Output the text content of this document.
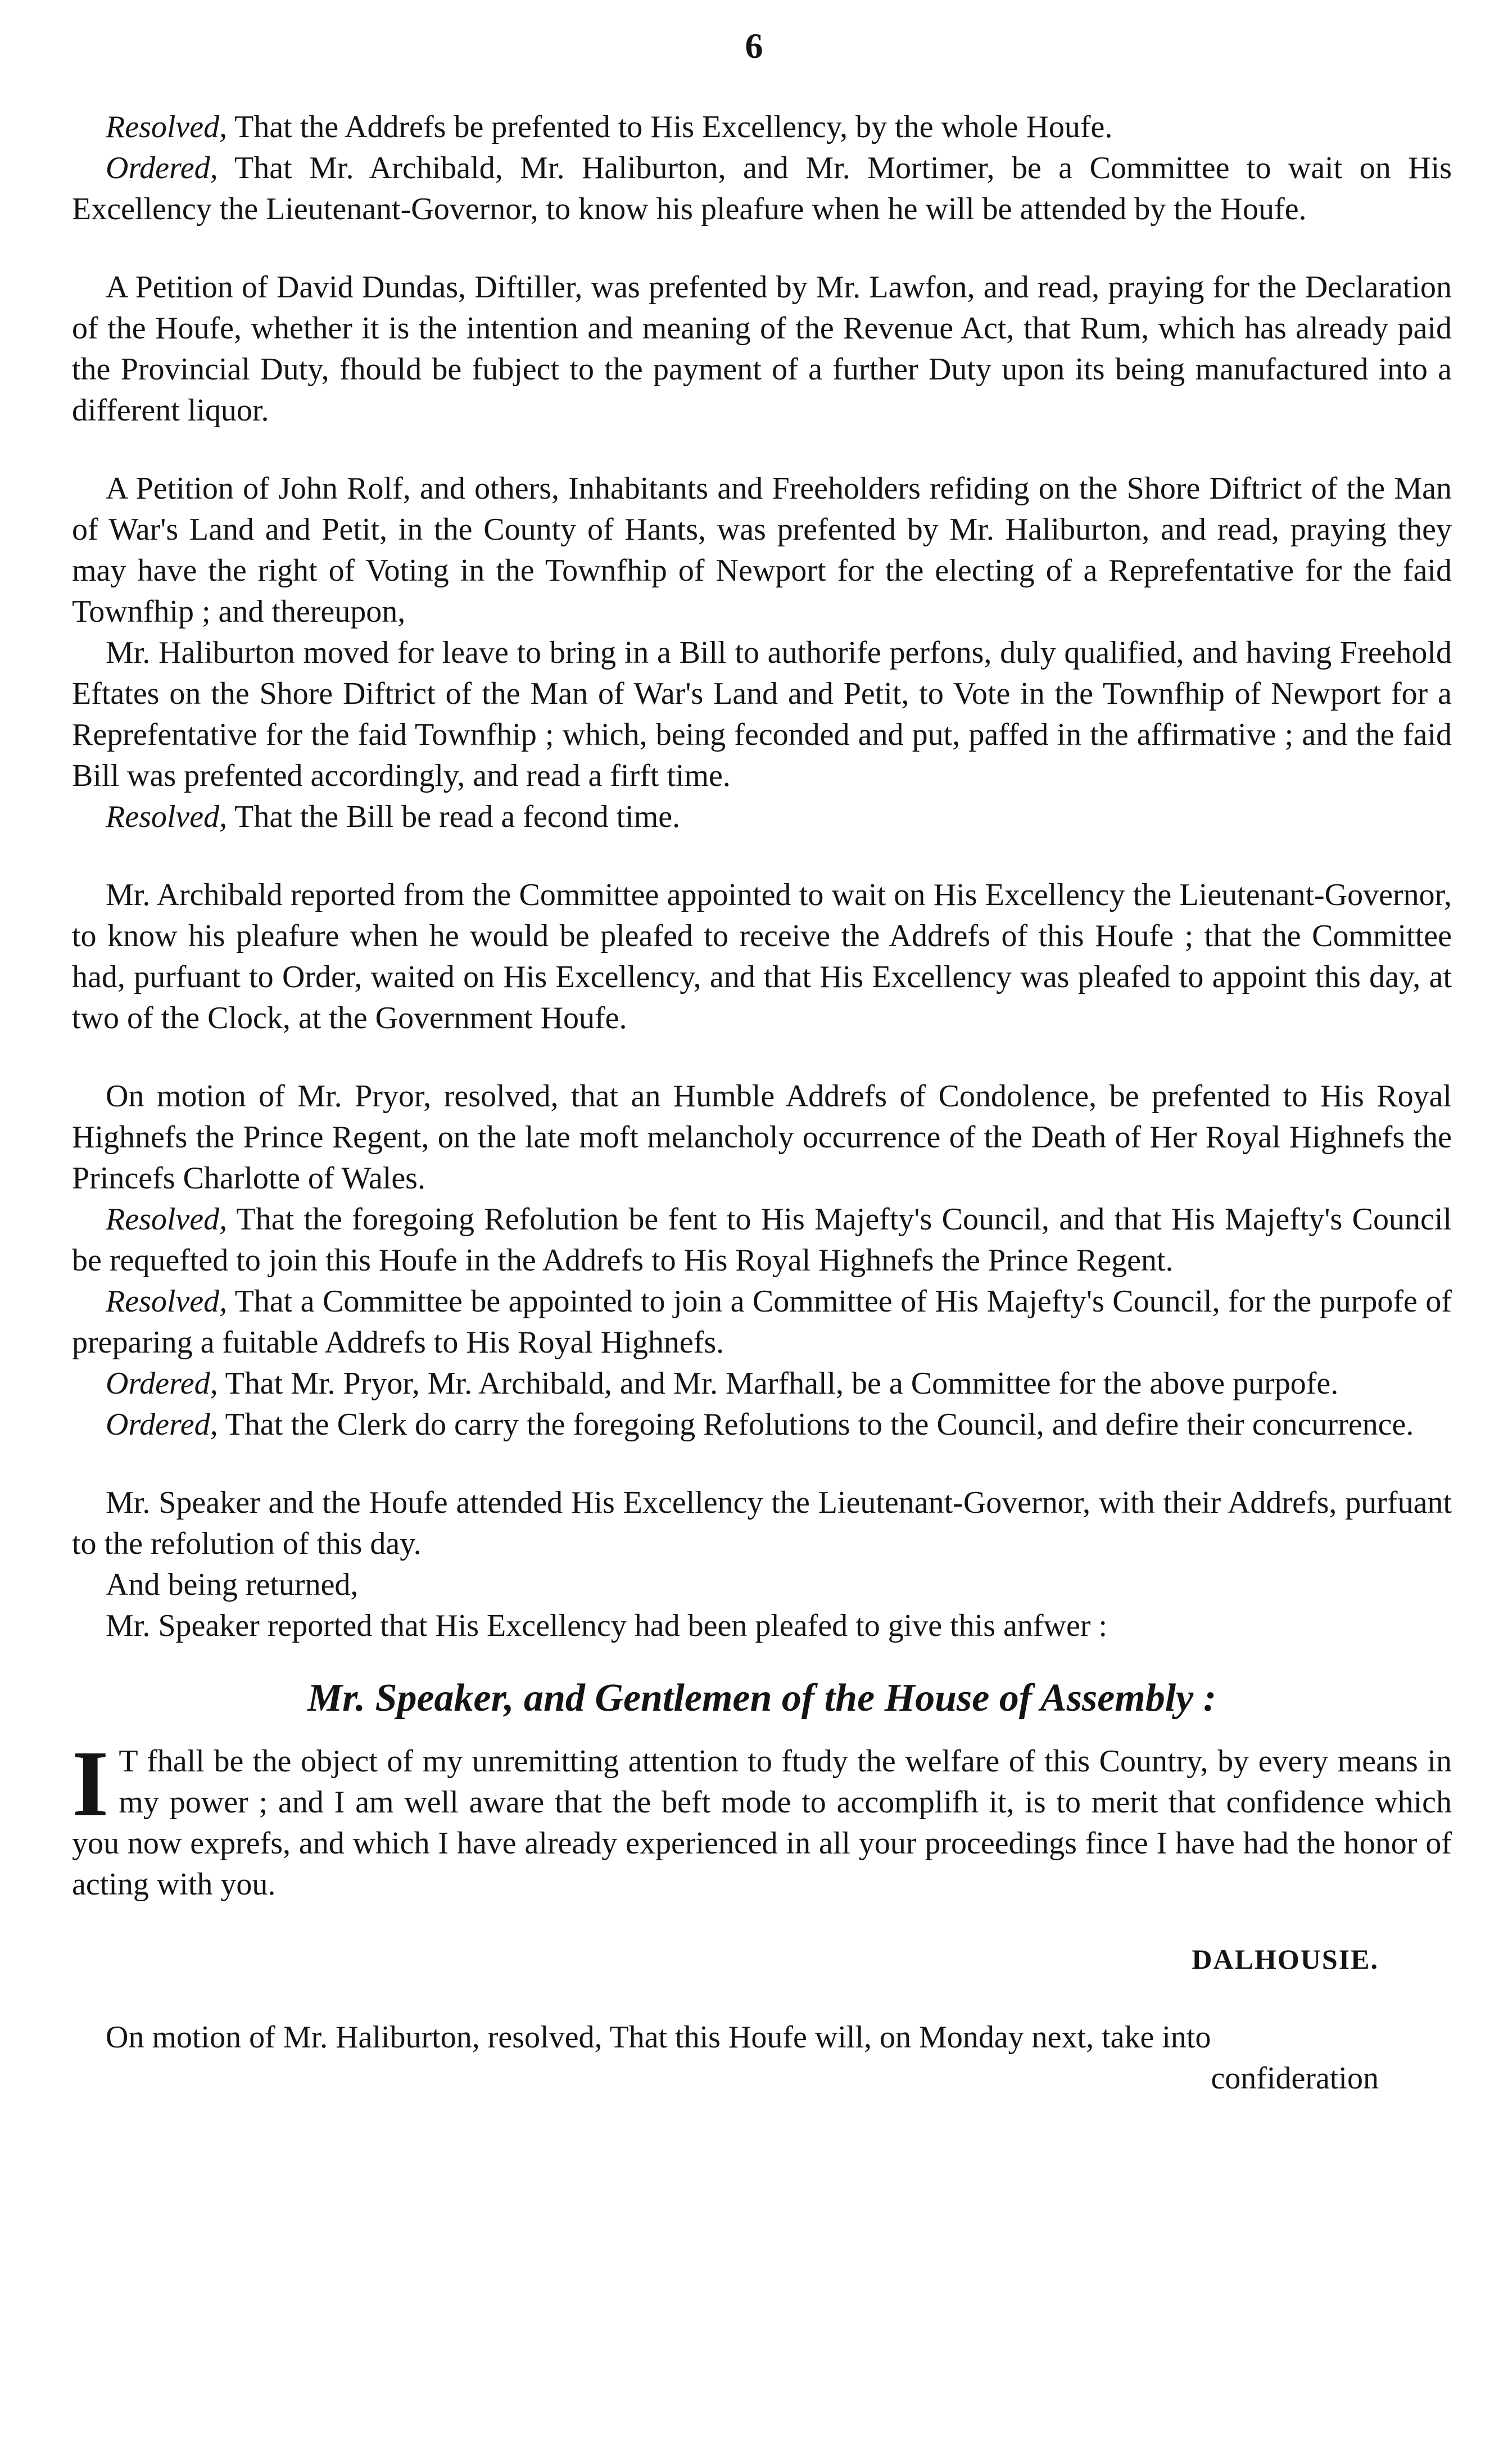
6

Resolved, That the Addrefs be prefented to His Excellency, by the whole Houfe.

Ordered, That Mr. Archibald, Mr. Haliburton, and Mr. Mortimer, be a Committee to wait on His Excellency the Lieutenant-Governor, to know his pleafure when he will be attended by the Houfe.

A Petition of David Dundas, Diftiller, was prefented by Mr. Lawfon, and read, praying for the Declaration of the Houfe, whether it is the intention and meaning of the Revenue Act, that Rum, which has already paid the Provincial Duty, fhould be fubject to the payment of a further Duty upon its being manufactured into a different liquor.

A Petition of John Rolf, and others, Inhabitants and Freeholders refiding on the Shore Diftrict of the Man of War's Land and Petit, in the County of Hants, was prefented by Mr. Haliburton, and read, praying they may have the right of Voting in the Townfhip of Newport for the electing of a Reprefentative for the faid Townfhip ; and thereupon,

Mr. Haliburton moved for leave to bring in a Bill to authorife perfons, duly qualified, and having Freehold Eftates on the Shore Diftrict of the Man of War's Land and Petit, to Vote in the Townfhip of Newport for a Reprefentative for the faid Townfhip ; which, being feconded and put, paffed in the affirmative ; and the faid Bill was prefented accordingly, and read a firft time.

Resolved, That the Bill be read a fecond time.

Mr. Archibald reported from the Committee appointed to wait on His Excellency the Lieutenant-Governor, to know his pleafure when he would be pleafed to receive the Addrefs of this Houfe ; that the Committee had, purfuant to Order, waited on His Excellency, and that His Excellency was pleafed to appoint this day, at two of the Clock, at the Government Houfe.

On motion of Mr. Pryor, resolved, that an Humble Addrefs of Condolence, be prefented to His Royal Highnefs the Prince Regent, on the late moft melancholy occurrence of the Death of Her Royal Highnefs the Princefs Charlotte of Wales.

Resolved, That the foregoing Refolution be fent to His Majefty's Council, and that His Majefty's Council be requefted to join this Houfe in the Addrefs to His Royal Highnefs the Prince Regent.

Resolved, That a Committee be appointed to join a Committee of His Majefty's Council, for the purpofe of preparing a fuitable Addrefs to His Royal Highnefs.

Ordered, That Mr. Pryor, Mr. Archibald, and Mr. Marfhall, be a Committee for the above purpofe.

Ordered, That the Clerk do carry the foregoing Refolutions to the Council, and defire their concurrence.

Mr. Speaker and the Houfe attended His Excellency the Lieutenant-Governor, with their Addrefs, purfuant to the refolution of this day.

And being returned,

Mr. Speaker reported that His Excellency had been pleafed to give this anfwer :

Mr. Speaker, and Gentlemen of the House of Assembly :

I T fhall be the object of my unremitting attention to ftudy the welfare of this Country, by every means in my power ; and I am well aware that the beft mode to accomplifh it, is to merit that confidence which you now exprefs, and which I have already experienced in all your proceedings fince I have had the honor of acting with you.

DALHOUSIE.

On motion of Mr. Haliburton, resolved, That this Houfe will, on Monday next, take into

confideration
